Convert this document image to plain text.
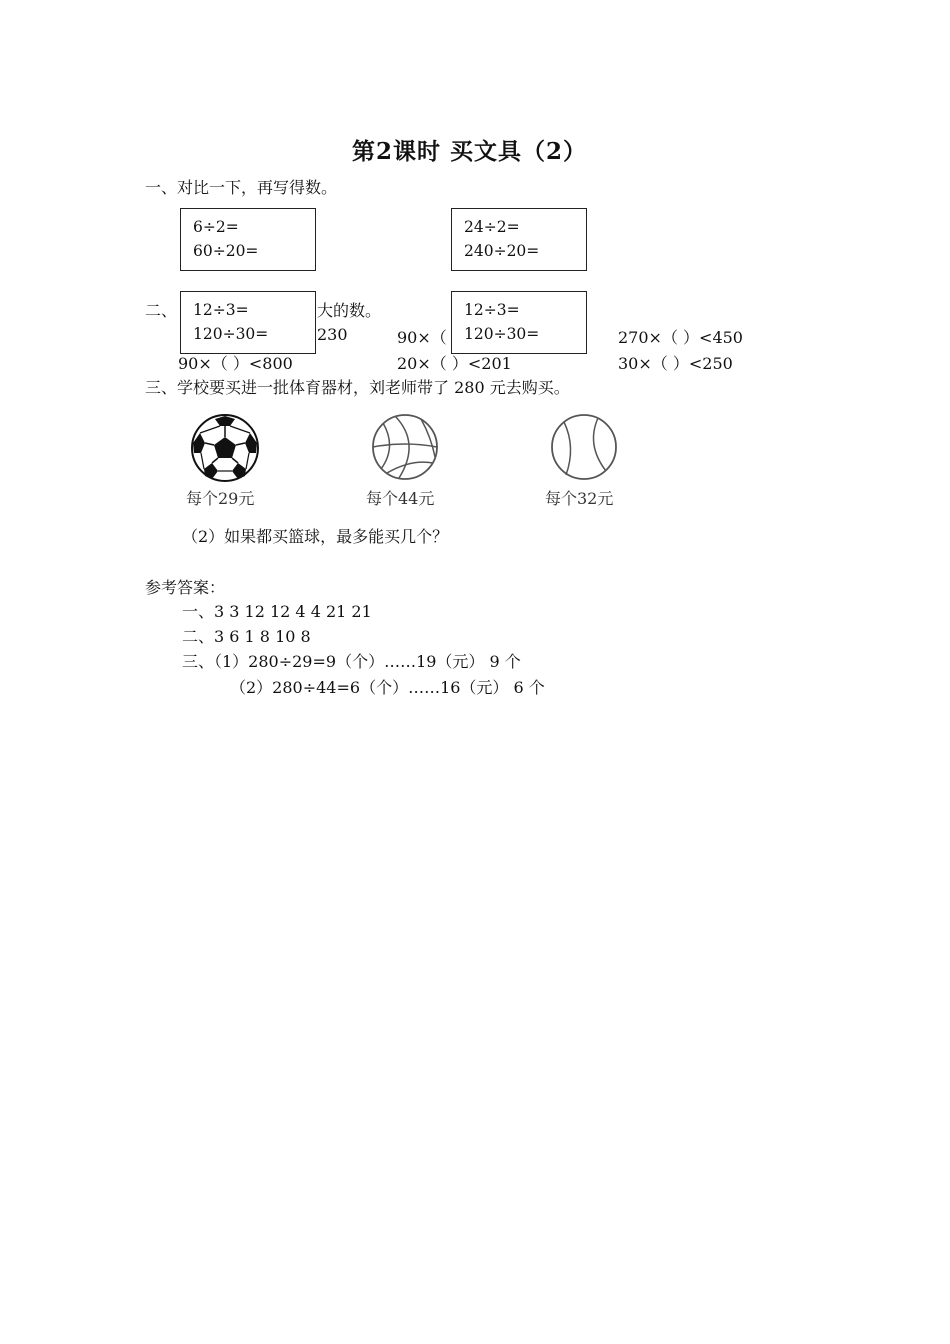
第2课时 买文具（2）
一、对比一下，再写得数。
6÷2=
60÷20=
24÷2=
240÷20=
二、	大的数。
230	90×（	270×（ ）<450
90×（ ）<800	20×（ ）<201	30×（ ）<250
12÷3=
120÷30=
12÷3=
120÷30=
三、学校要买进一批体育器材，刘老师带了 280 元去购买。
每个29元	每个44元	每个32元
（2）如果都买篮球，最多能买几个？
参考答案：
一、3 3 12 12 4 4 21 21
二、3 6 1 8 10 8
三、（1）280÷29=9（个）……19（元） 9 个
（2）280÷44=6（个）……16（元） 6 个
